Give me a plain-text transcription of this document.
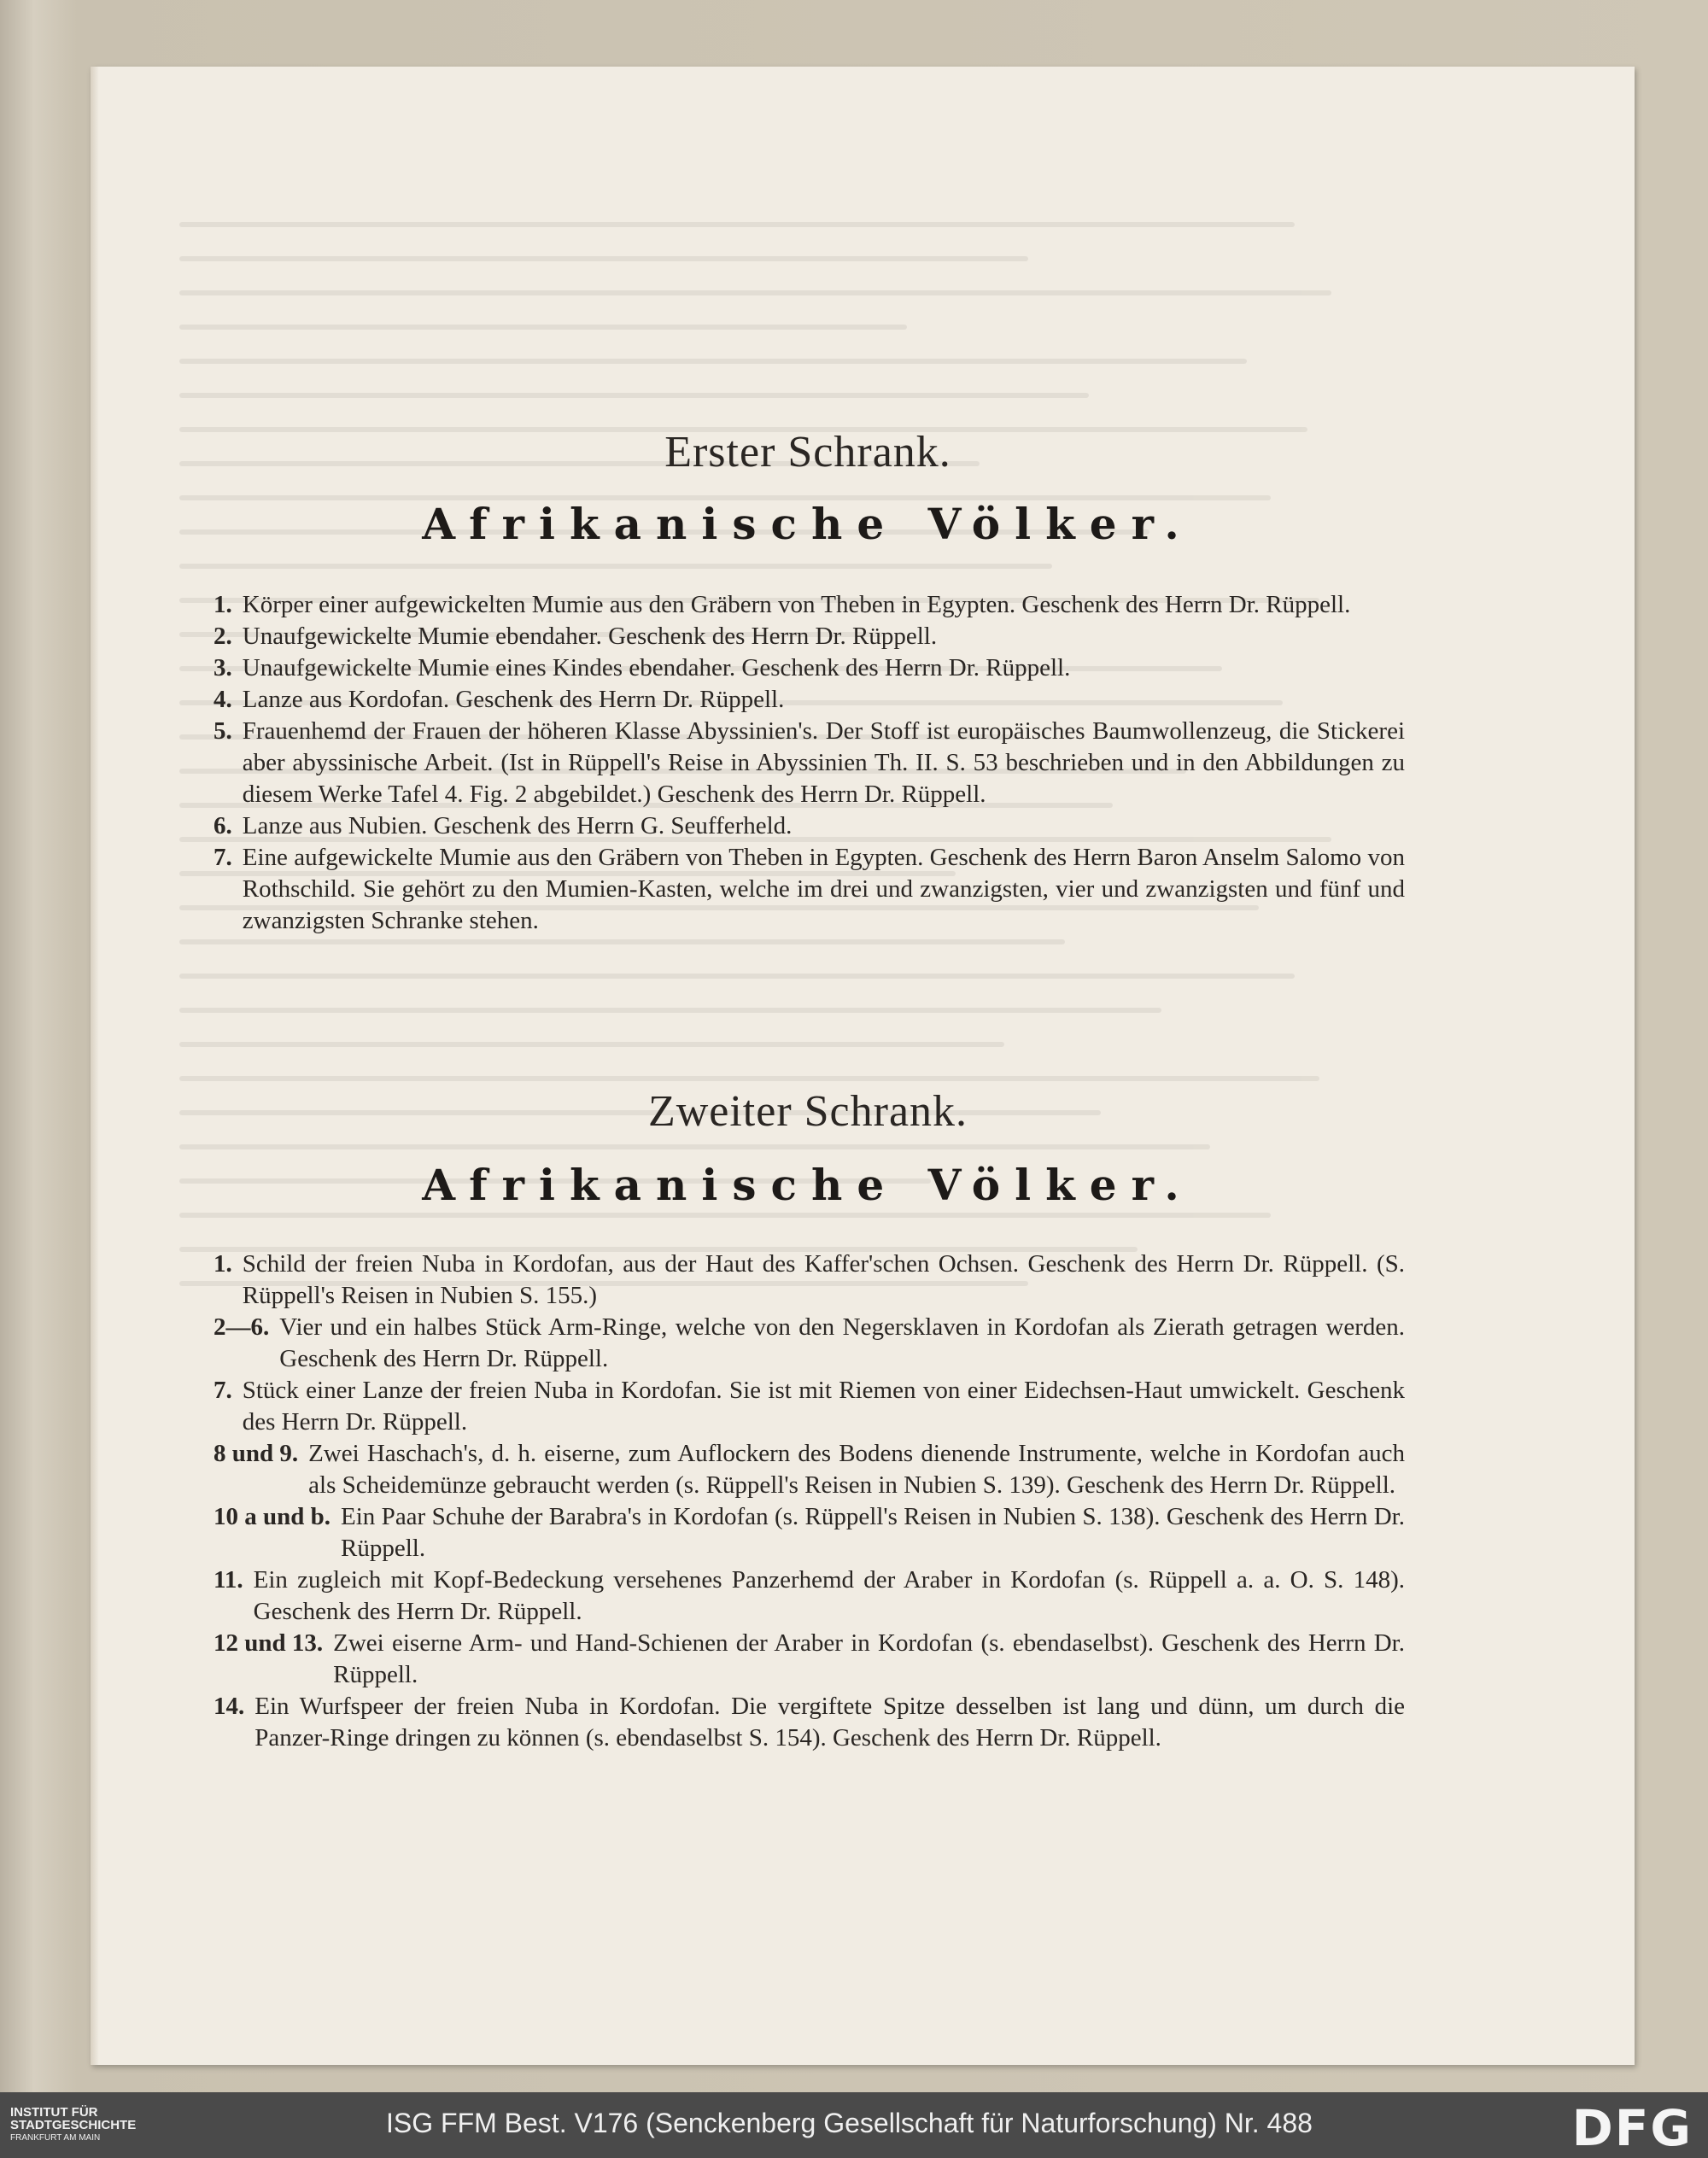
Erster Schrank.
Afrikanische Völker.
1. Körper einer aufgewickelten Mumie aus den Gräbern von Theben in Egypten. Geschenk des Herrn Dr. Rüppell.
2. Unaufgewickelte Mumie ebendaher. Geschenk des Herrn Dr. Rüppell.
3. Unaufgewickelte Mumie eines Kindes ebendaher. Geschenk des Herrn Dr. Rüppell.
4. Lanze aus Kordofan. Geschenk des Herrn Dr. Rüppell.
5. Frauenhemd der Frauen der höheren Klasse Abyssinien's. Der Stoff ist europäisches Baumwollenzeug, die Stickerei aber abyssinische Arbeit. (Ist in Rüppell's Reise in Abyssinien Th. II. S. 53 beschrieben und in den Abbildungen zu diesem Werke Tafel 4. Fig. 2 abgebildet.) Geschenk des Herrn Dr. Rüppell.
6. Lanze aus Nubien. Geschenk des Herrn G. Seufferheld.
7. Eine aufgewickelte Mumie aus den Gräbern von Theben in Egypten. Geschenk des Herrn Baron Anselm Salomo von Rothschild. Sie gehört zu den Mumien-Kasten, welche im drei und zwanzigsten, vier und zwanzigsten und fünf und zwanzigsten Schranke stehen.
Zweiter Schrank.
Afrikanische Völker.
1. Schild der freien Nuba in Kordofan, aus der Haut des Kaffer'schen Ochsen. Geschenk des Herrn Dr. Rüppell. (S. Rüppell's Reisen in Nubien S. 155.)
2—6. Vier und ein halbes Stück Arm-Ringe, welche von den Negersklaven in Kordofan als Zierath getragen werden. Geschenk des Herrn Dr. Rüppell.
7. Stück einer Lanze der freien Nuba in Kordofan. Sie ist mit Riemen von einer Eidechsen-Haut umwickelt. Geschenk des Herrn Dr. Rüppell.
8 und 9. Zwei Haschach's, d. h. eiserne, zum Auflockern des Bodens dienende Instrumente, welche in Kordofan auch als Scheidemünze gebraucht werden (s. Rüppell's Reisen in Nubien S. 139). Geschenk des Herrn Dr. Rüppell.
10 a und b. Ein Paar Schuhe der Barabra's in Kordofan (s. Rüppell's Reisen in Nubien S. 138). Geschenk des Herrn Dr. Rüppell.
11. Ein zugleich mit Kopf-Bedeckung versehenes Panzerhemd der Araber in Kordofan (s. Rüppell a. a. O. S. 148). Geschenk des Herrn Dr. Rüppell.
12 und 13. Zwei eiserne Arm- und Hand-Schienen der Araber in Kordofan (s. ebendaselbst). Geschenk des Herrn Dr. Rüppell.
14. Ein Wurfspeer der freien Nuba in Kordofan. Die vergiftete Spitze desselben ist lang und dünn, um durch die Panzer-Ringe dringen zu können (s. ebendaselbst S. 154). Geschenk des Herrn Dr. Rüppell.
INSTITUT FÜR
STADTGESCHICHTE
FRANKFURT AM MAIN	ISG FFM Best. V176 (Senckenberg Gesellschaft für Naturforschung) Nr. 488	DFG
